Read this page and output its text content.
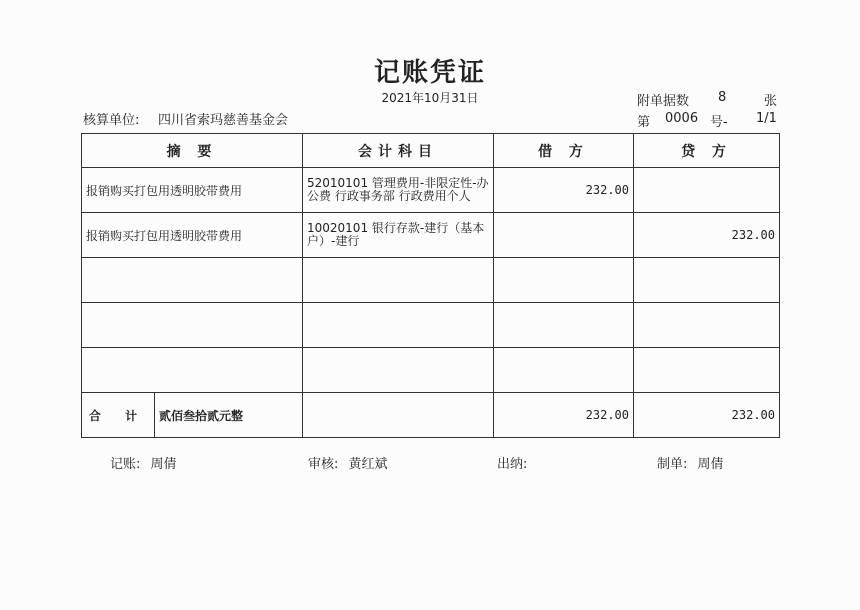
记账凭证
2021年10月31日
核算单位: 四川省索玛慈善基金会
附单据数 8	张
第 0006 号- 1/1
摘 要	会计科目	借 方	贷 方
报销购买打包用透明胶带费用	52010101 管理费用-非限定性-办公费 行政事务部 行政费用个人	232.00	
报销购买打包用透明胶带费用	10020101 银行存款-建行（基本户）-建行		232.00

合 计 贰佰叁拾贰元整		232.00	232.00
记账: 周倩	审核: 黄红斌	出纳:	制单: 周倩
